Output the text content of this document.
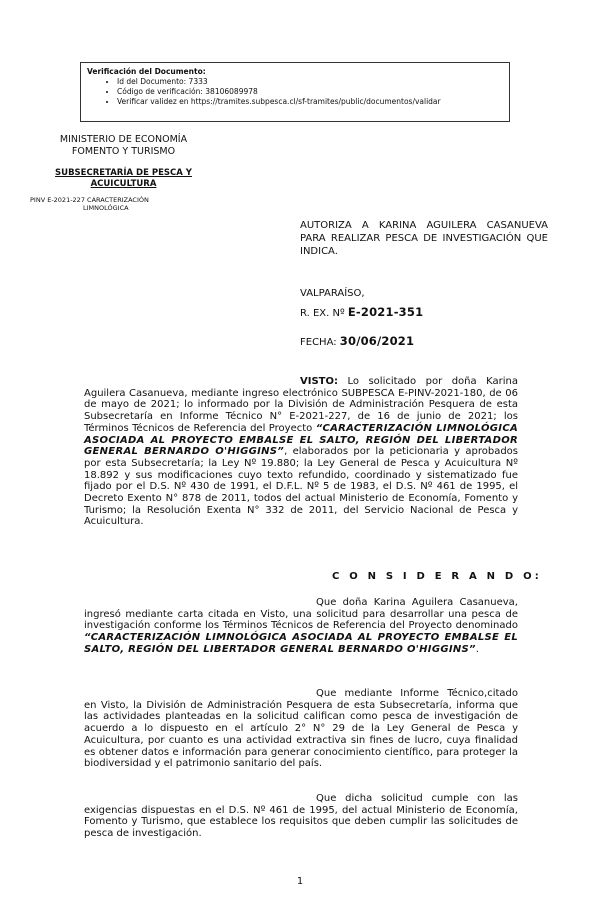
Verificación del Documento:
• Id del Documento: 7333
• Código de verificación: 38106089978
• Verificar validez en https://tramites.subpesca.cl/sf-tramites/public/documentos/validar
MINISTERIO DE ECONOMÍA
FOMENTO Y TURISMO
SUBSECRETARÍA DE PESCA Y
ACUICULTURA
PINV E-2021-227 CARACTERIZACIÓN
LIMNOLÓGICA
AUTORIZA A KARINA AGUILERA CASANUEVA PARA REALIZAR PESCA DE INVESTIGACIÓN QUE INDICA.
VALPARAÍSO,
R. EX. Nº E-2021-351
FECHA: 30/06/2021
VISTO: Lo solicitado por doña Karina Aguilera Casanueva, mediante ingreso electrónico SUBPESCA E-PINV-2021-180, de 06 de mayo de 2021; lo informado por la División de Administración Pesquera de esta Subsecretaría en Informe Técnico N° E-2021-227, de 16 de junio de 2021; los Términos Técnicos de Referencia del Proyecto “CARACTERIZACIÓN LIMNOLÓGICA ASOCIADA AL PROYECTO EMBALSE EL SALTO, REGIÓN DEL LIBERTADOR GENERAL BERNARDO O'HIGGINS”, elaborados por la peticionaria y aprobados por esta Subsecretaría; la Ley Nº 19.880; la Ley General de Pesca y Acuicultura Nº 18.892 y sus modificaciones cuyo texto refundido, coordinado y sistematizado fue fijado por el D.S. Nº 430 de 1991, el D.F.L. Nº 5 de 1983, el D.S. Nº 461 de 1995, el Decreto Exento N° 878 de 2011, todos del actual Ministerio de Economía, Fomento y Turismo; la Resolución Exenta N° 332 de 2011, del Servicio Nacional de Pesca y Acuicultura.
C O N S I D E R A N D O:
Que doña Karina Aguilera Casanueva, ingresó mediante carta citada en Visto, una solicitud para desarrollar una pesca de investigación conforme los Términos Técnicos de Referencia del Proyecto denominado “CARACTERIZACIÓN LIMNOLÓGICA ASOCIADA AL PROYECTO EMBALSE EL SALTO, REGIÓN DEL LIBERTADOR GENERAL BERNARDO O'HIGGINS”.
Que mediante Informe Técnico,citado en Visto, la División de Administración Pesquera de esta Subsecretaría, informa que las actividades planteadas en la solicitud califican como pesca de investigación de acuerdo a lo dispuesto en el artículo 2° N° 29 de la Ley General de Pesca y Acuicultura, por cuanto es una actividad extractiva sin fines de lucro, cuya finalidad es obtener datos e información para generar conocimiento científico, para proteger la biodiversidad y el patrimonio sanitario del país.
Que dicha solicitud cumple con las exigencias dispuestas en el D.S. Nº 461 de 1995, del actual Ministerio de Economía, Fomento y Turismo, que establece los requisitos que deben cumplir las solicitudes de pesca de investigación.
1
